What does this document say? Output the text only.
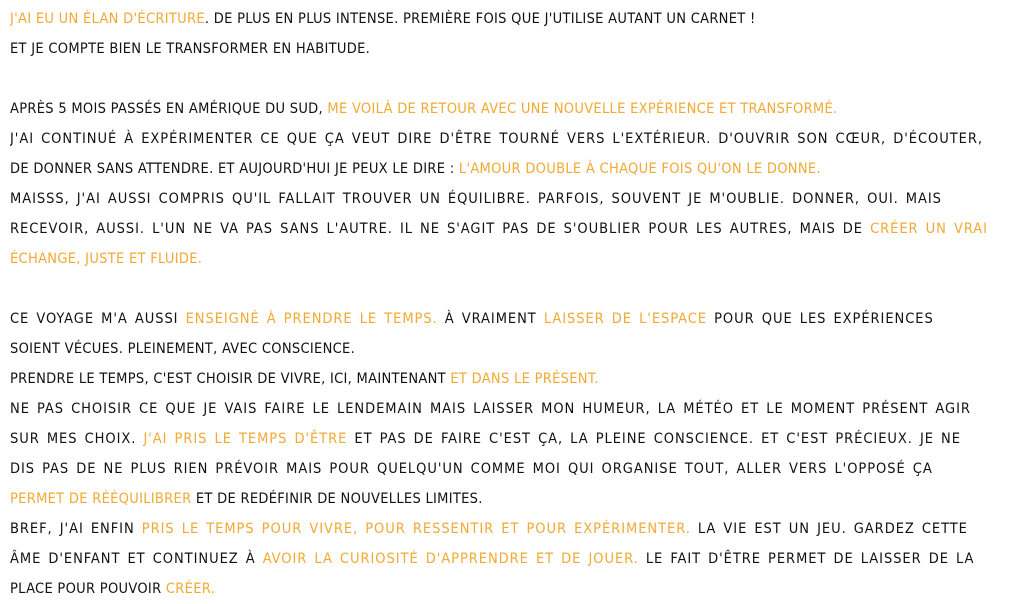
J'AI EU UN ÉLAN D'ÉCRITURE. DE PLUS EN PLUS INTENSE. PREMIÈRE FOIS QUE J'UTILISE AUTANT UN CARNET !
ET JE COMPTE BIEN LE TRANSFORMER EN HABITUDE.
APRÈS 5 MOIS PASSÉS EN AMÉRIQUE DU SUD, ME VOILÀ DE RETOUR AVEC UNE NOUVELLE EXPÉRIENCE ET TRANSFORMÉ.
J'AI CONTINUÉ À EXPÉRIMENTER CE QUE ÇA VEUT DIRE D'ÊTRE TOURNÉ VERS L'EXTÉRIEUR. D'OUVRIR SON CŒUR, D'ÉCOUTER,
DE DONNER SANS ATTENDRE. ET AUJOURD'HUI JE PEUX LE DIRE : L'AMOUR DOUBLE À CHAQUE FOIS QU'ON LE DONNE.
MAISSS, J'AI AUSSI COMPRIS QU'IL FALLAIT TROUVER UN ÉQUILIBRE. PARFOIS, SOUVENT JE M'OUBLIE. DONNER, OUI. MAIS
RECEVOIR, AUSSI. L'UN NE VA PAS SANS L'AUTRE. IL NE S'AGIT PAS DE S'OUBLIER POUR LES AUTRES, MAIS DE CRÉER UN VRAI
ÉCHANGE, JUSTE ET FLUIDE.
CE VOYAGE M'A AUSSI ENSEIGNÉ À PRENDRE LE TEMPS. À VRAIMENT LAISSER DE L'ESPACE POUR QUE LES EXPÉRIENCES
SOIENT VÉCUES. PLEINEMENT, AVEC CONSCIENCE.
PRENDRE LE TEMPS, C'EST CHOISIR DE VIVRE, ICI, MAINTENANT ET DANS LE PRÉSENT.
NE PAS CHOISIR CE QUE JE VAIS FAIRE LE LENDEMAIN MAIS LAISSER MON HUMEUR, LA MÉTÉO ET LE MOMENT PRÉSENT AGIR
SUR MES CHOIX. J'AI PRIS LE TEMPS D'ÊTRE ET PAS DE FAIRE C'EST ÇA, LA PLEINE CONSCIENCE. ET C'EST PRÉCIEUX. JE NE
DIS PAS DE NE PLUS RIEN PRÉVOIR MAIS POUR QUELQU'UN COMME MOI QUI ORGANISE TOUT, ALLER VERS L'OPPOSÉ ÇA
PERMET DE RÉÉQUILIBRER ET DE REDÉFINIR DE NOUVELLES LIMITES.
BREF, J'AI ENFIN PRIS LE TEMPS POUR VIVRE, POUR RESSENTIR ET POUR EXPÉRIMENTER. LA VIE EST UN JEU. GARDEZ CETTE
ÂME D'ENFANT ET CONTINUEZ À AVOIR LA CURIOSITÉ D'APPRENDRE ET DE JOUER. LE FAIT D'ÊTRE PERMET DE LAISSER DE LA
PLACE POUR POUVOIR CRÉER.
